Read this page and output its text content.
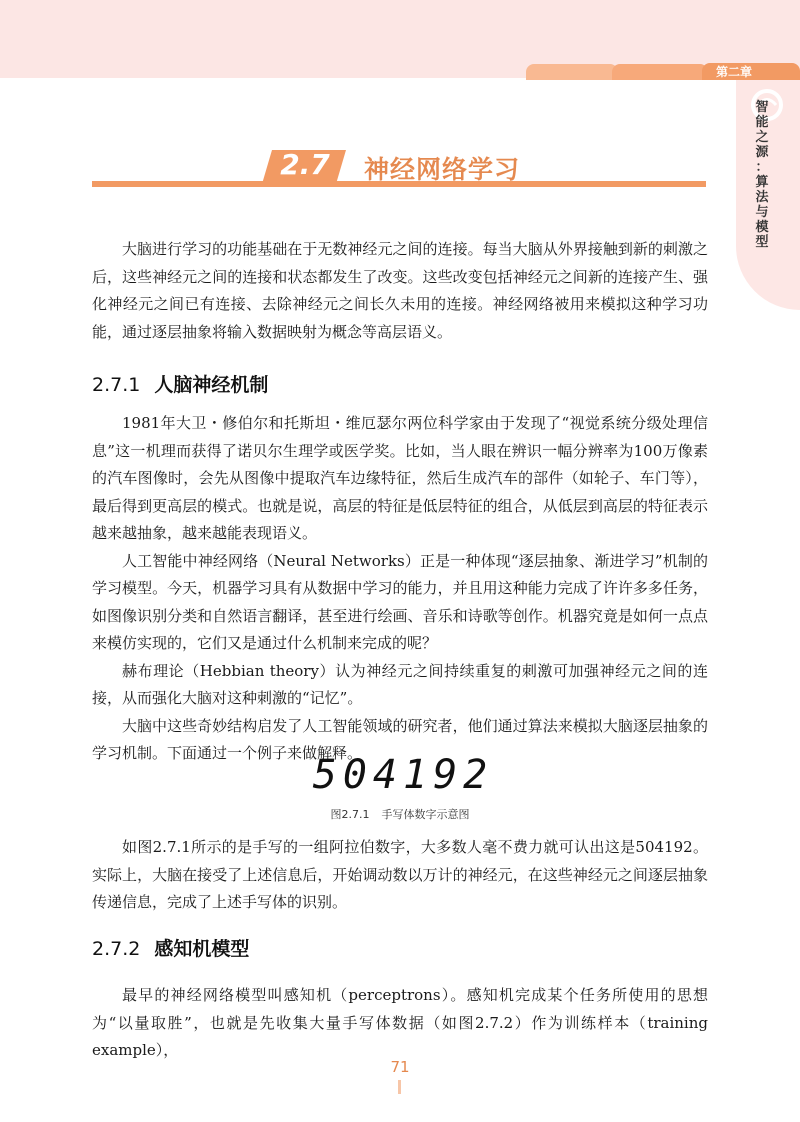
第二章
智
能
之
源
：
算
法
与
模
型
2.7	神经网络学习

大脑进行学习的功能基础在于无数神经元之间的连接。每当大脑从外界接触到新的刺激之后，这些神经元之间的连接和状态都发生了改变。这些改变包括神经元之间新的连接产生、强化神经元之间已有连接、去除神经元之间长久未用的连接。神经网络被用来模拟这种学习功能，通过逐层抽象将输入数据映射为概念等高层语义。

2.7.1 人脑神经机制

1981年大卫・修伯尔和托斯坦・维厄瑟尔两位科学家由于发现了“视觉系统分级处理信息”这一机理而获得了诺贝尔生理学或医学奖。比如，当人眼在辨识一幅分辨率为100万像素的汽车图像时，会先从图像中提取汽车边缘特征，然后生成汽车的部件（如轮子、车门等），最后得到更高层的模式。也就是说，高层的特征是低层特征的组合，从低层到高层的特征表示越来越抽象，越来越能表现语义。

人工智能中神经网络（Neural Networks）正是一种体现“逐层抽象、渐进学习”机制的学习模型。今天，机器学习具有从数据中学习的能力，并且用这种能力完成了许许多多任务，如图像识别分类和自然语言翻译，甚至进行绘画、音乐和诗歌等创作。机器究竟是如何一点点来模仿实现的，它们又是通过什么机制来完成的呢？

赫布理论（Hebbian theory）认为神经元之间持续重复的刺激可加强神经元之间的连接，从而强化大脑对这种刺激的“记忆”。

大脑中这些奇妙结构启发了人工智能领域的研究者，他们通过算法来模拟大脑逐层抽象的学习机制。下面通过一个例子来做解释。

504192
图2.7.1 手写体数字示意图

如图2.7.1所示的是手写的一组阿拉伯数字，大多数人毫不费力就可认出这是504192。实际上，大脑在接受了上述信息后，开始调动数以万计的神经元，在这些神经元之间逐层抽象传递信息，完成了上述手写体的识别。

2.7.2 感知机模型

最早的神经网络模型叫感知机（perceptrons）。感知机完成某个任务所使用的思想为“以量取胜”，也就是先收集大量手写体数据（如图2.7.2）作为训练样本（training example），

71
